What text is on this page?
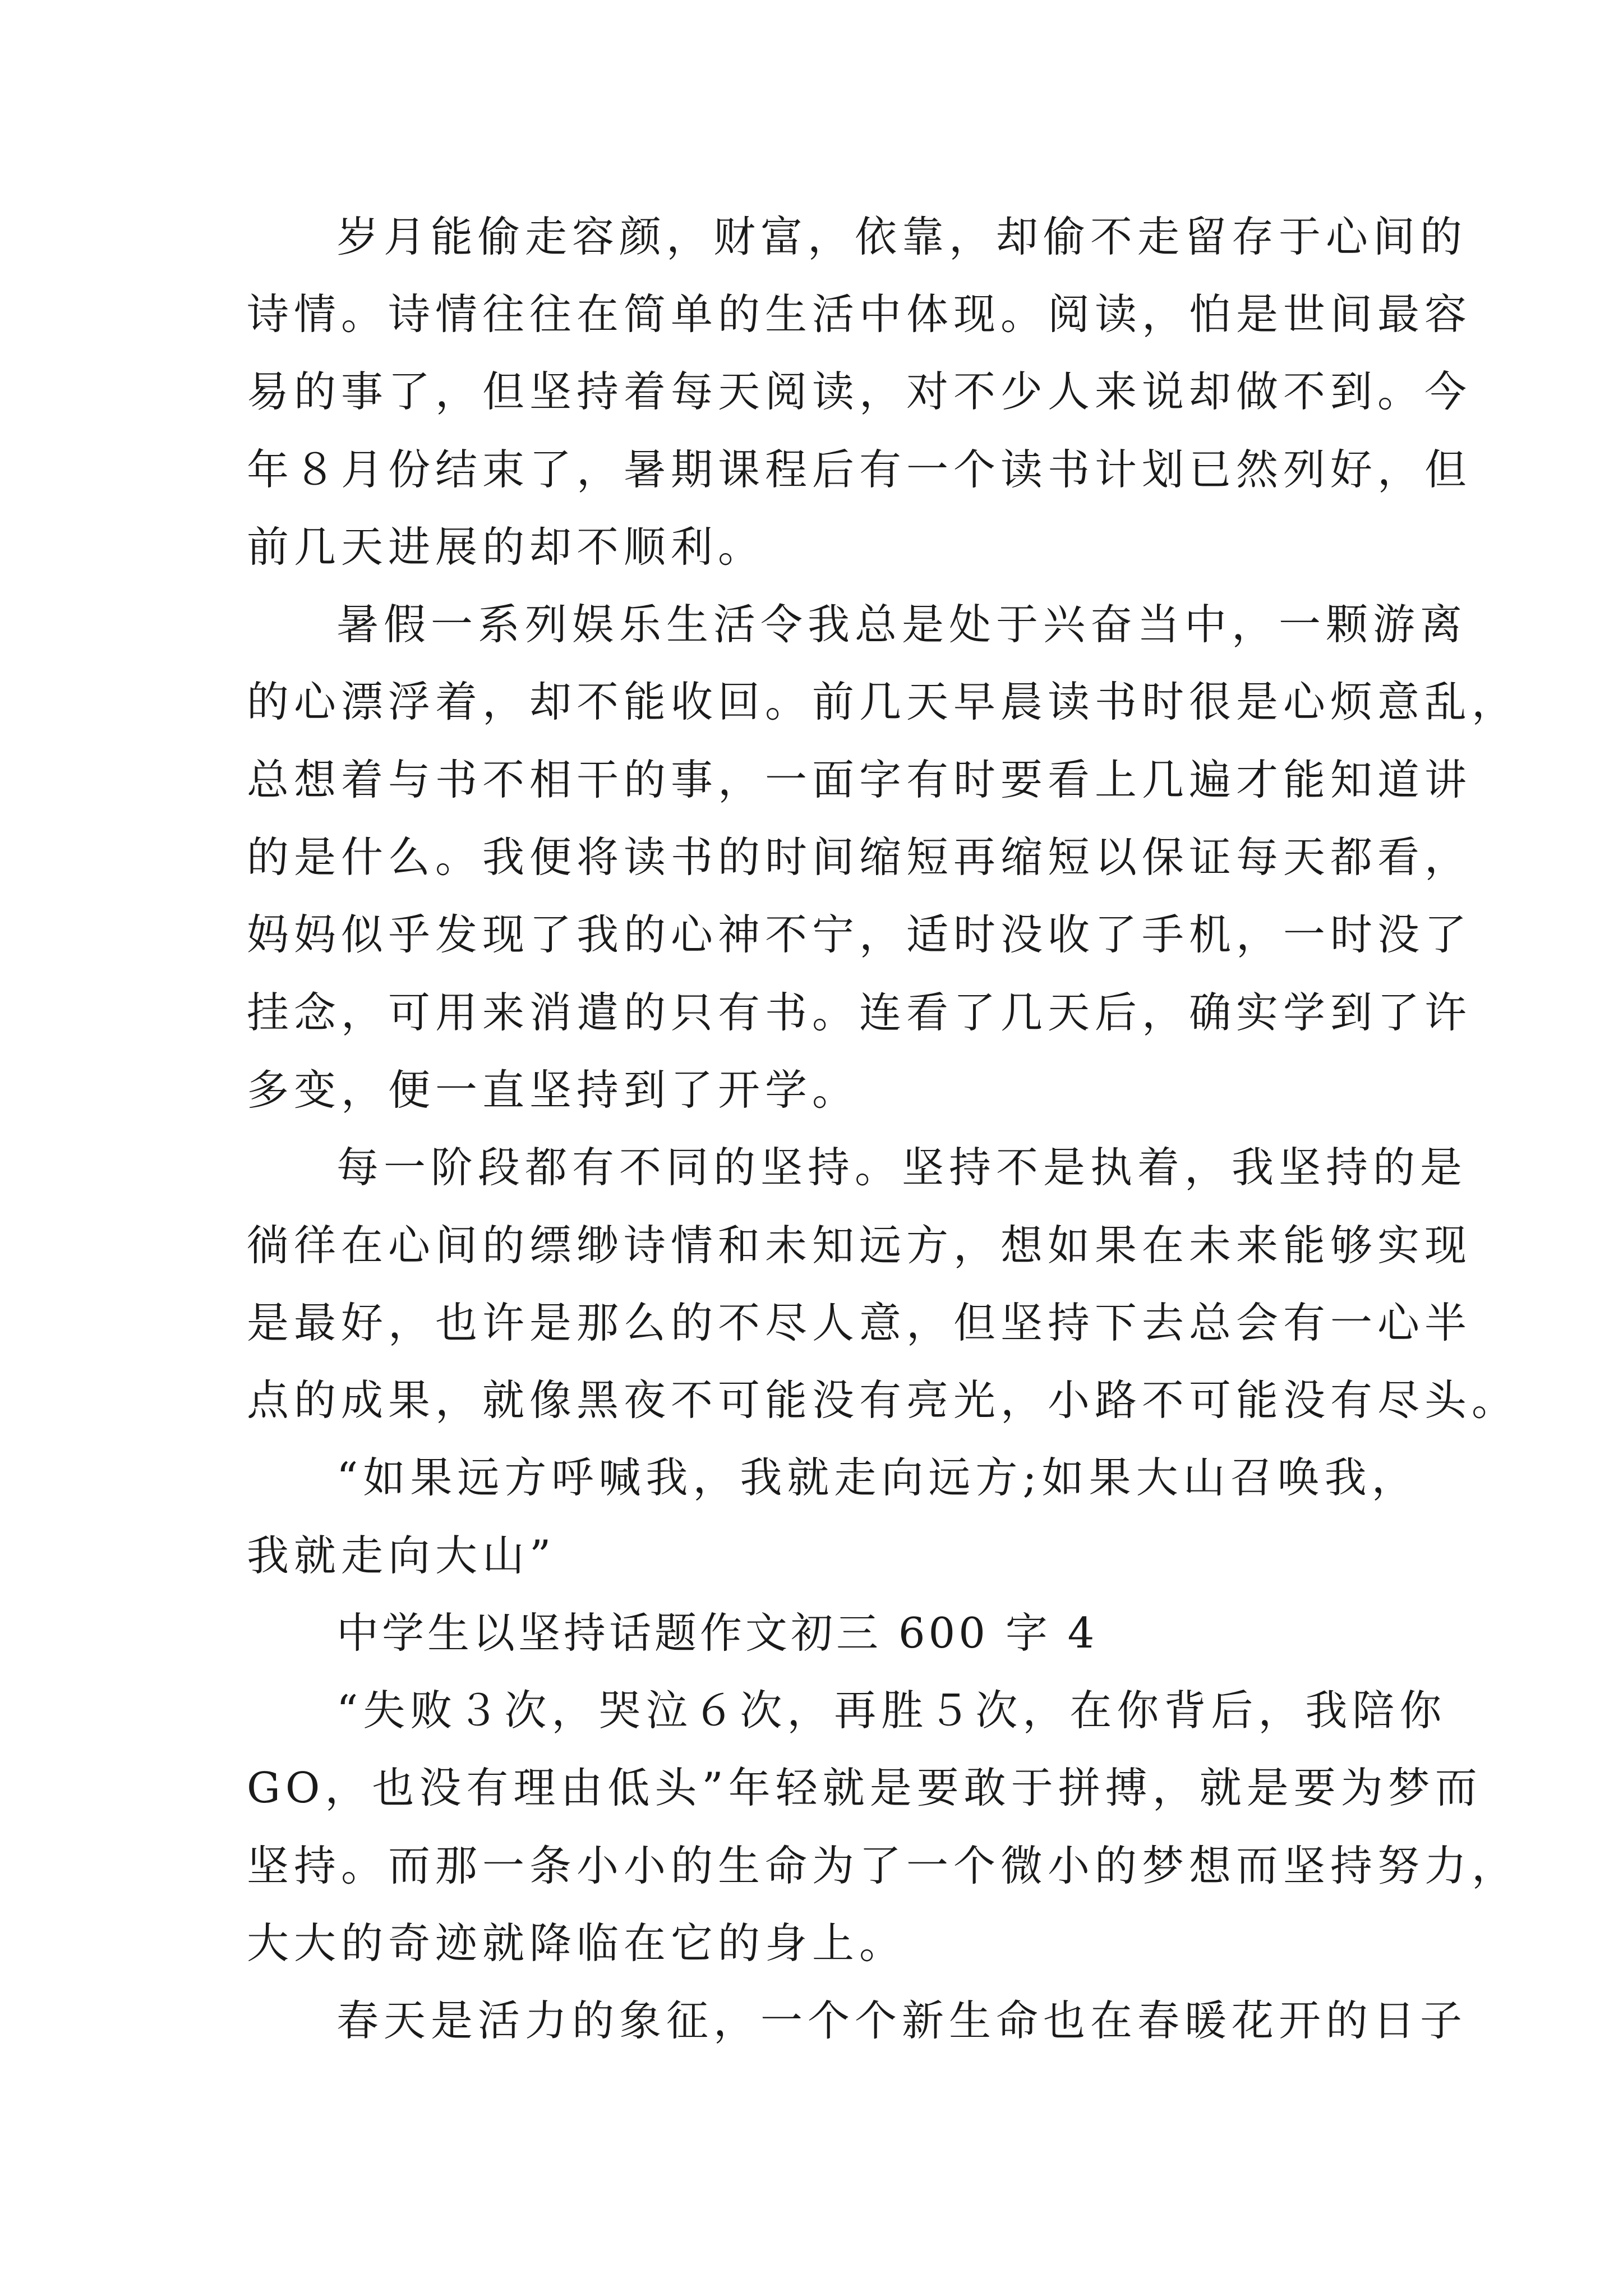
岁月能偷走容颜，财富，依靠，却偷不走留存于心间的
诗情。诗情往往在简单的生活中体现。阅读，怕是世间最容
易的事了，但坚持着每天阅读，对不少人来说却做不到。今
年８月份结束了，暑期课程后有一个读书计划已然列好，但
前几天进展的却不顺利。
暑假一系列娱乐生活令我总是处于兴奋当中，一颗游离
的心漂浮着，却不能收回。前几天早晨读书时很是心烦意乱，
总想着与书不相干的事，一面字有时要看上几遍才能知道讲
的是什么。我便将读书的时间缩短再缩短以保证每天都看，
妈妈似乎发现了我的心神不宁，适时没收了手机，一时没了
挂念，可用来消遣的只有书。连看了几天后，确实学到了许
多变，便一直坚持到了开学。
每一阶段都有不同的坚持。坚持不是执着，我坚持的是
徜徉在心间的缥缈诗情和未知远方，想如果在未来能够实现
是最好，也许是那么的不尽人意，但坚持下去总会有一心半
点的成果，就像黑夜不可能没有亮光，小路不可能没有尽头。
“如果远方呼喊我，我就走向远方;如果大山召唤我，
我就走向大山”
中学生以坚持话题作文初三 600 字 4
“失败３次，哭泣６次，再胜５次，在你背后，我陪你
GO，也没有理由低头”年轻就是要敢于拼搏，就是要为梦而
坚持。而那一条小小的生命为了一个微小的梦想而坚持努力，
大大的奇迹就降临在它的身上。
春天是活力的象征，一个个新生命也在春暖花开的日子
